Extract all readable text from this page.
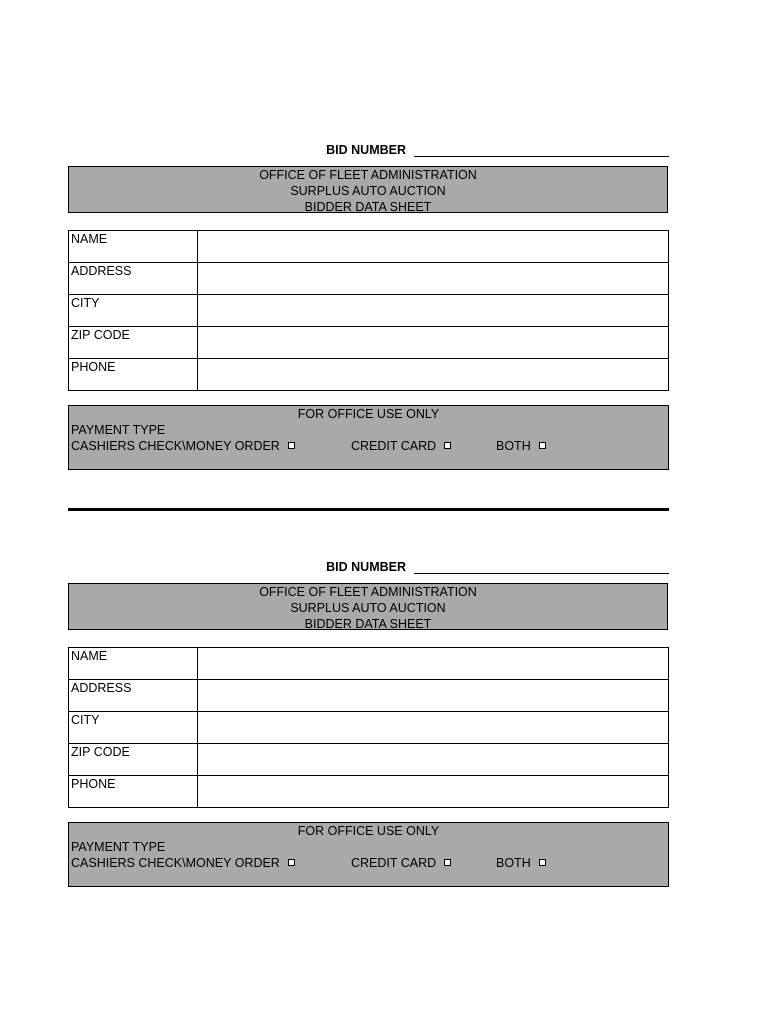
BID NUMBER
OFFICE OF FLEET ADMINISTRATION
SURPLUS AUTO AUCTION
BIDDER DATA SHEET
NAME	
ADDRESS	
CITY	
ZIP CODE	
PHONE	
FOR OFFICE USE ONLY
PAYMENT TYPE
CASHIERS CHECK\MONEY ORDER	CREDIT CARD	BOTH
BID NUMBER
OFFICE OF FLEET ADMINISTRATION
SURPLUS AUTO AUCTION
BIDDER DATA SHEET
NAME	
ADDRESS	
CITY	
ZIP CODE	
PHONE	
FOR OFFICE USE ONLY
PAYMENT TYPE
CASHIERS CHECK\MONEY ORDER	CREDIT CARD	BOTH
